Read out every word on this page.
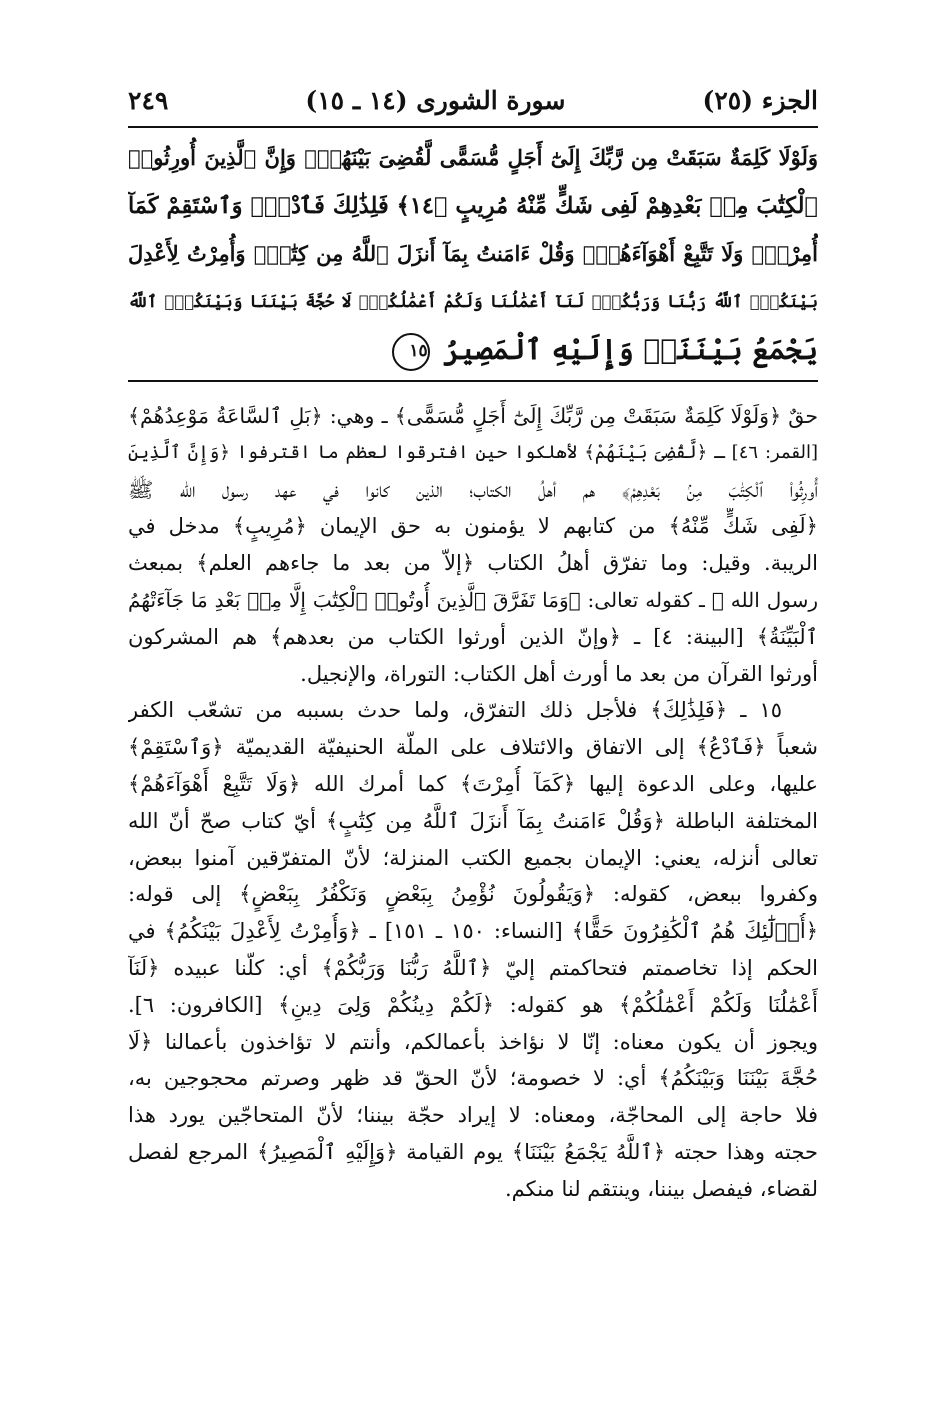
الجزء (٢٥)
سورة الشورى (١٤ ـ ١٥)
٢٤٩
وَلَوْلَا كَلِمَةٌ سَبَقَتْ مِن رَّبِّكَ إِلَىٰٓ أَجَلٍ مُّسَمًّى لَّقُضِىَ بَيْنَهُمْۚ وَإِنَّ ٱلَّذِينَ أُورِثُوا۟
ٱلْكِتَٰبَ مِنۢ بَعْدِهِمْ لَفِى شَكٍّ مِّنْهُ مُرِيبٍ ﴿١٤﴾ فَلِذَٰلِكَ فَٱدْعُۖ وَٱسْتَقِمْ كَمَآ
أُمِرْتَۖ وَلَا تَتَّبِعْ أَهْوَآءَهُمْۖ وَقُلْ ءَامَنتُ بِمَآ أَنزَلَ ٱللَّهُ مِن كِتَٰبٍۖ وَأُمِرْتُ لِأَعْدِلَ
بَيْنَكُمُۖ ٱللَّهُ رَبُّنَا وَرَبُّكُمْۖ لَنَآ أَعْمَٰلُنَا وَلَكُمْ أَعْمَٰلُكُمْۖ لَا حُجَّةَ بَيْنَنَا وَبَيْنَكُمُۖ ٱللَّهُ
يَجْمَعُ بَيْنَنَاۖ وَإِلَيْهِ ٱلْمَصِيرُ ١٥
حقٌ ﴿وَلَوْلَا كَلِمَةٌ سَبَقَتْ مِن رَّبِّكَ إِلَىٰٓ أَجَلٍ مُّسَمًّى﴾ ـ وهي: ﴿بَلِ ٱلسَّاعَةُ مَوْعِدُهُمْ﴾
[القمر: ٤٦] ـ ﴿لَّقُضِىَ بَيْنَهُمْ﴾ لأهلكوا حين افترقوا لعظم ما اقترفوا ﴿وَإِنَّ ٱلَّذِينَ
أُورِثُوا۟ ٱلْكِتَٰبَ مِنۢ بَعْدِهِمْ﴾ هم أهلُ الكتاب؛ الذين كانوا في عهد رسول الله ﷺ
﴿لَفِى شَكٍّ مِّنْهُ﴾ من كتابهم لا يؤمنون به حق الإيمان ﴿مُرِيبٍ﴾ مدخل في
الريبة. وقيل: وما تفرّق أهلُ الكتاب ﴿إلاّ من بعد ما جاءهم العلم﴾ بمبعث
رسول الله ﷺ ـ كقوله تعالى: ﴿وَمَا تَفَرَّقَ ٱلَّذِينَ أُوتُوا۟ ٱلْكِتَٰبَ إِلَّا مِنۢ بَعْدِ مَا جَآءَتْهُمُ
ٱلْبَيِّنَةُ﴾ [البينة: ٤] ـ ﴿وإنّ الذين أورثوا الكتاب من بعدهم﴾ هم المشركون
أورثوا القرآن من بعد ما أورث أهل الكتاب: التوراة، والإنجيل.
١٥ ـ ﴿فَلِذَٰلِكَ﴾ فلأجل ذلك التفرّق، ولما حدث بسببه من تشعّب الكفر
شعباً ﴿فَٱدْعُ﴾ إلى الاتفاق والائتلاف على الملّة الحنيفيّة القديميّة ﴿وَٱسْتَقِمْ﴾
عليها، وعلى الدعوة إليها ﴿كَمَآ أُمِرْتَ﴾ كما أمرك الله ﴿وَلَا تَتَّبِعْ أَهْوَآءَهُمْ﴾
المختلفة الباطلة ﴿وَقُلْ ءَامَنتُ بِمَآ أَنزَلَ ٱللَّهُ مِن كِتَٰبٍ﴾ أيّ كتاب صحّ أنّ الله
تعالى أنزله، يعني: الإيمان بجميع الكتب المنزلة؛ لأنّ المتفرّقين آمنوا ببعض،
وكفروا ببعض، كقوله: ﴿وَيَقُولُونَ نُؤْمِنُ بِبَعْضٍ وَنَكْفُرُ بِبَعْضٍ﴾ إلى قوله:
﴿أُو۟لَٰٓئِكَ هُمُ ٱلْكَٰفِرُونَ حَقًّا﴾ [النساء: ١٥٠ ـ ١٥١] ـ ﴿وَأُمِرْتُ لِأَعْدِلَ بَيْنَكُمُ﴾ في
الحكم إذا تخاصمتم فتحاكمتم إليّ ﴿ٱللَّهُ رَبُّنَا وَرَبُّكُمْ﴾ أي: كلّنا عبيده ﴿لَنَآ
أَعْمَٰلُنَا وَلَكُمْ أَعْمَٰلُكُمْ﴾ هو كقوله: ﴿لَكُمْ دِينُكُمْ وَلِىَ دِينِ﴾ [الكافرون: ٦].
ويجوز أن يكون معناه: إنّا لا نؤاخذ بأعمالكم، وأنتم لا تؤاخذون بأعمالنا ﴿لَا
حُجَّةَ بَيْنَنَا وَبَيْنَكُمُ﴾ أي: لا خصومة؛ لأنّ الحقّ قد ظهر وصرتم محجوجين به،
فلا حاجة إلى المحاجّة، ومعناه: لا إيراد حجّة بيننا؛ لأنّ المتحاجّين يورد هذا
حجته وهذا حجته ﴿ٱللَّهُ يَجْمَعُ بَيْنَنَا﴾ يوم القيامة ﴿وَإِلَيْهِ ٱلْمَصِيرُ﴾ المرجع لفصل
لقضاء، فيفصل بيننا، وينتقم لنا منكم.
